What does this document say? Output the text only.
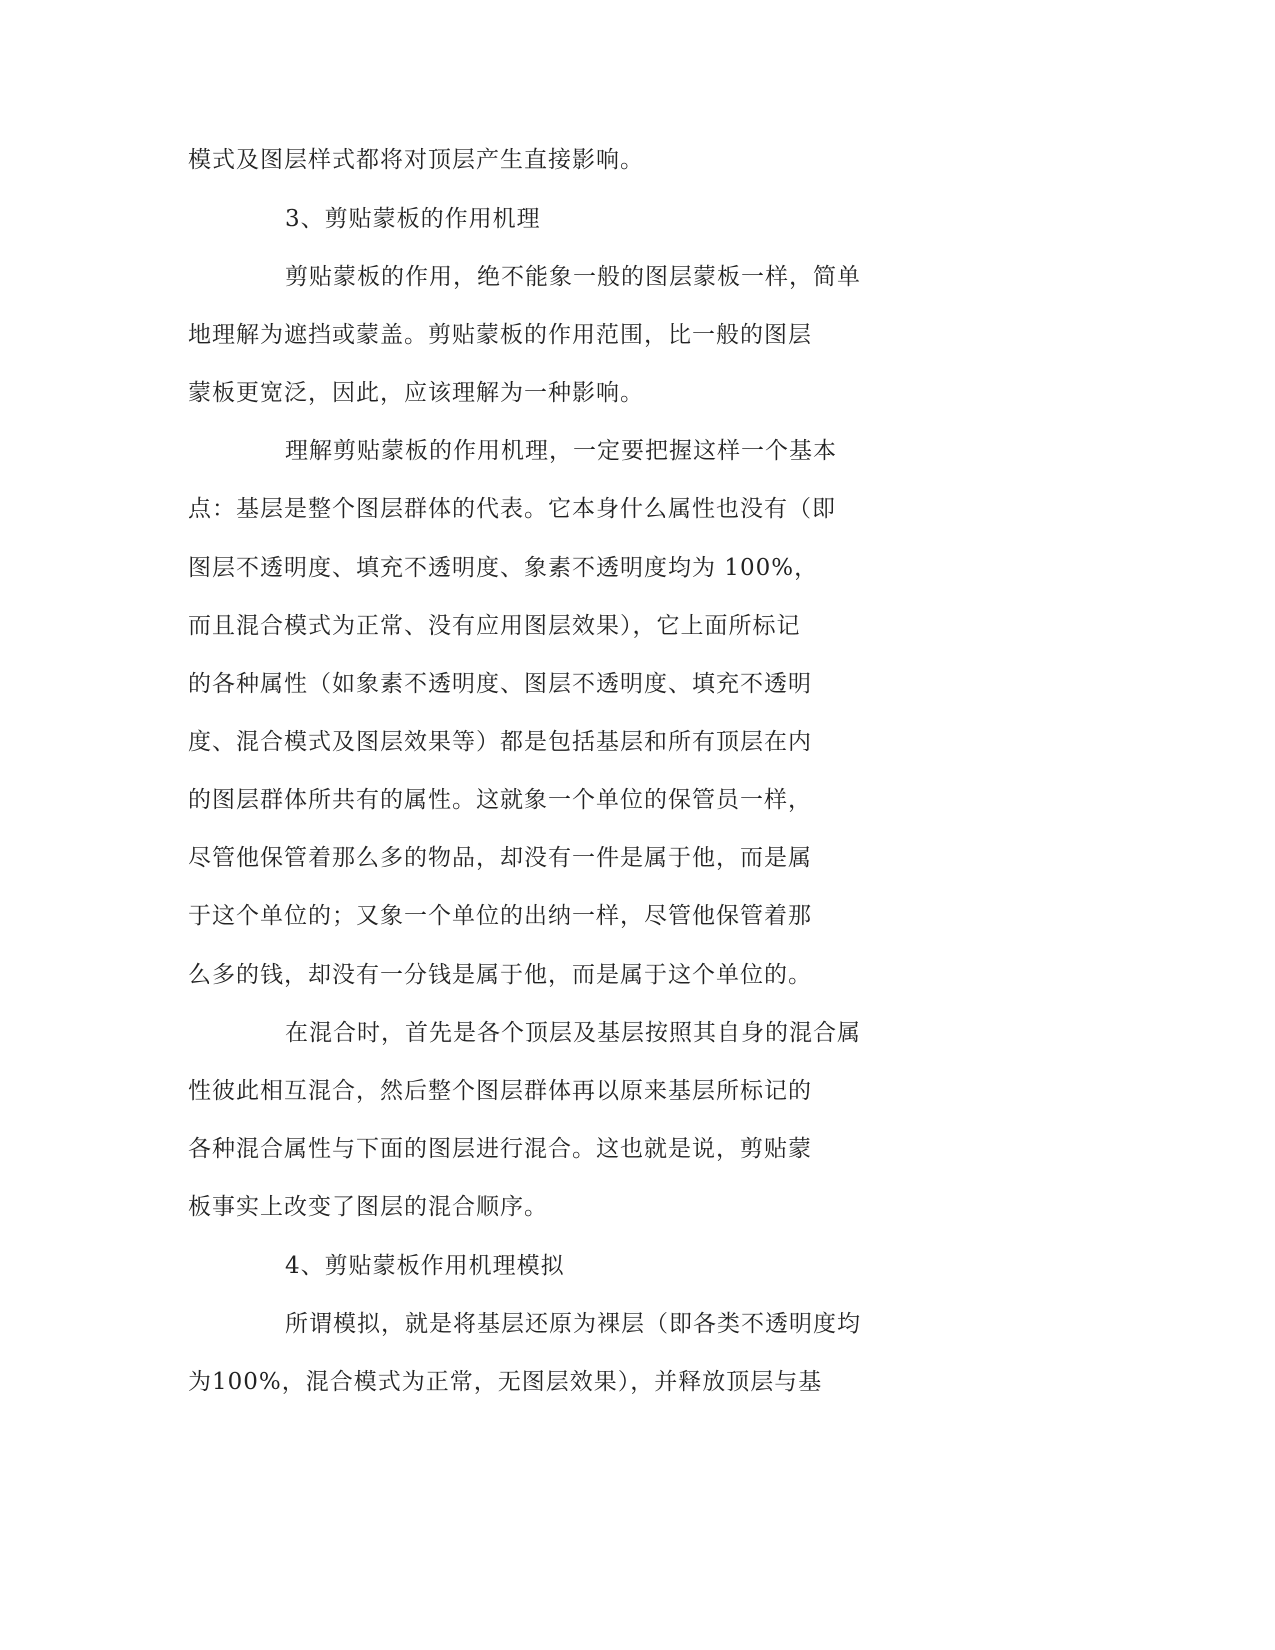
模式及图层样式都将对顶层产生直接影响。
3、剪贴蒙板的作用机理
剪贴蒙板的作用，绝不能象一般的图层蒙板一样，简单
地理解为遮挡或蒙盖。剪贴蒙板的作用范围，比一般的图层
蒙板更宽泛，因此，应该理解为一种影响。
理解剪贴蒙板的作用机理，一定要把握这样一个基本
点：基层是整个图层群体的代表。它本身什么属性也没有（即
图层不透明度、填充不透明度、象素不透明度均为 100%，
而且混合模式为正常、没有应用图层效果），它上面所标记
的各种属性（如象素不透明度、图层不透明度、填充不透明
度、混合模式及图层效果等）都是包括基层和所有顶层在内
的图层群体所共有的属性。这就象一个单位的保管员一样，
尽管他保管着那么多的物品，却没有一件是属于他，而是属
于这个单位的；又象一个单位的出纳一样，尽管他保管着那
么多的钱，却没有一分钱是属于他，而是属于这个单位的。
在混合时，首先是各个顶层及基层按照其自身的混合属
性彼此相互混合，然后整个图层群体再以原来基层所标记的
各种混合属性与下面的图层进行混合。这也就是说，剪贴蒙
板事实上改变了图层的混合顺序。
4、剪贴蒙板作用机理模拟
所谓模拟，就是将基层还原为裸层（即各类不透明度均
为100%，混合模式为正常，无图层效果），并释放顶层与基
